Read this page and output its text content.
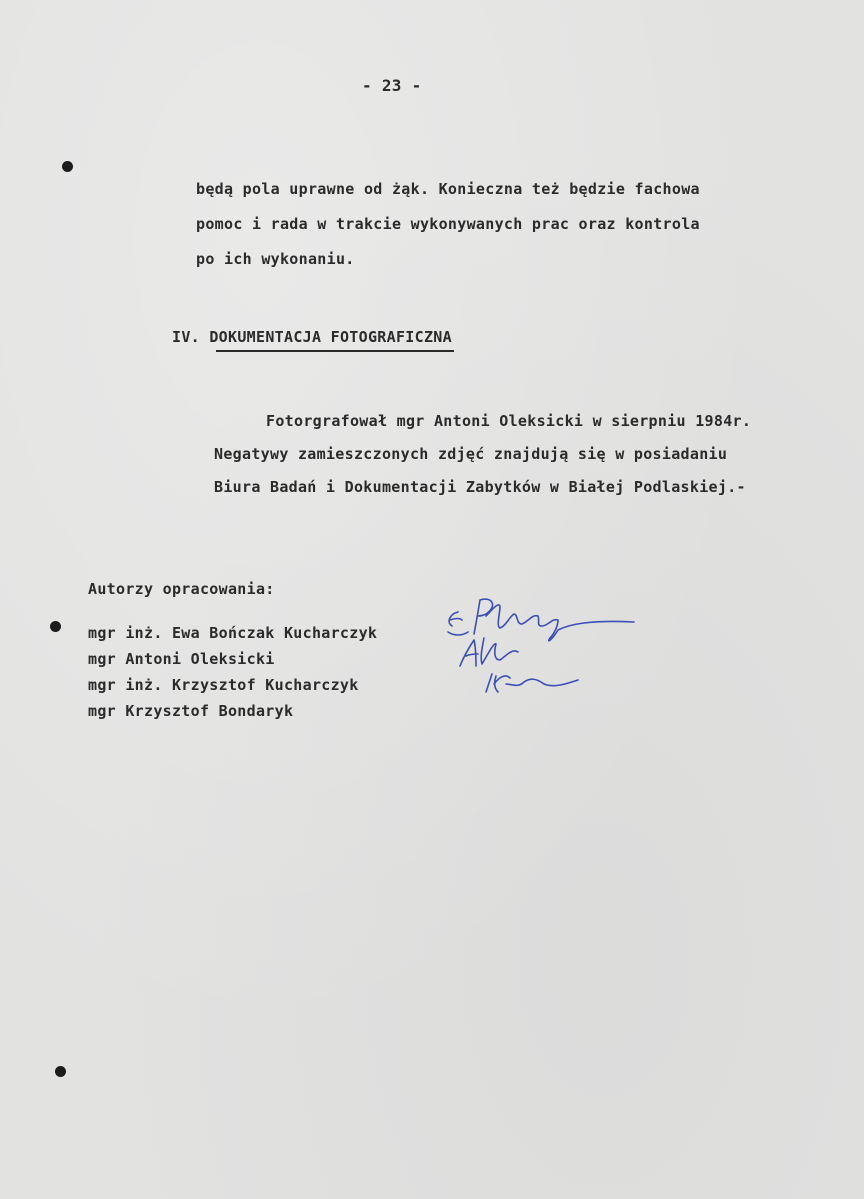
- 23 -
będą pola uprawne od żąk. Konieczna też będzie fachowa
pomoc i rada w trakcie wykonywanych prac oraz kontrola
po ich wykonaniu.
IV. DOKUMENTACJA FOTOGRAFICZNA
Fotorgrafował mgr Antoni Oleksicki w sierpniu 1984r.
Negatywy zamieszczonych zdjęć znajdują się w posiadaniu
Biura Badań i Dokumentacji Zabytków w Białej Podlaskiej.-
Autorzy opracowania:
mgr inż. Ewa Bończak Kucharczyk
mgr Antoni Oleksicki
mgr inż. Krzysztof Kucharczyk
mgr Krzysztof Bondaryk
